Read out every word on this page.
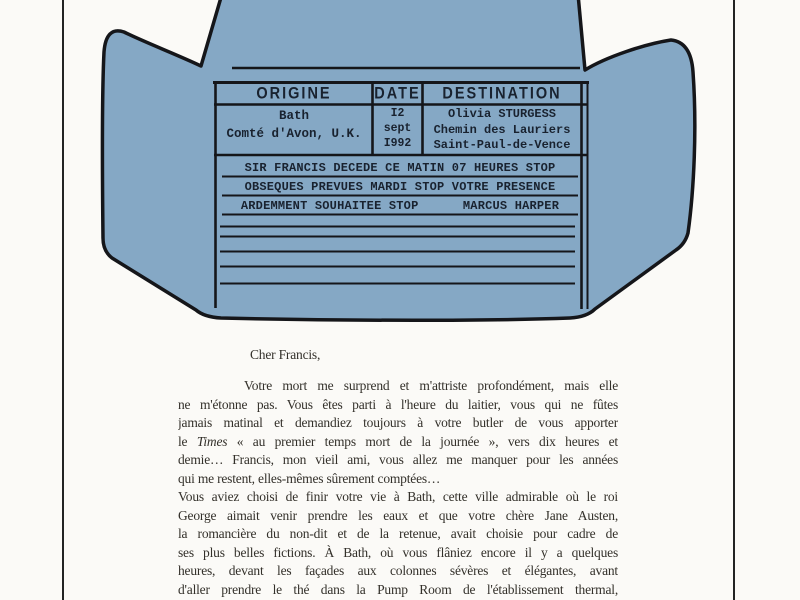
ORIGINE	DATE	DESTINATION
Bath
Comté d'Avon, U.K.
I2
sept
I992
Olivia STURGESS
Chemin des Lauriers
Saint-Paul-de-Vence
SIR FRANCIS DECEDE CE MATIN 07 HEURES STOP
OBSEQUES PREVUES MARDI STOP VOTRE PRESENCE
ARDEMMENT SOUHAITEE STOP      MARCUS HARPER
Cher Francis,
Votre mort me surprend et m'attriste profondément, mais elle
ne m'étonne pas. Vous êtes parti à l'heure du laitier, vous qui ne fûtes
jamais matinal et demandiez toujours à votre butler de vous apporter
le Times « au premier temps mort de la journée », vers dix heures et
demie… Francis, mon vieil ami, vous allez me manquer pour les années
qui me restent, elles-mêmes sûrement comptées…
Vous aviez choisi de finir votre vie à Bath, cette ville admirable où le roi
George aimait venir prendre les eaux et que votre chère Jane Austen,
la romancière du non-dit et de la retenue, avait choisie pour cadre de
ses plus belles fictions. À Bath, où vous flâniez encore il y a quelques
heures, devant les façades aux colonnes sévères et élégantes, avant
d'aller prendre le thé dans la Pump Room de l'établissement thermal,
